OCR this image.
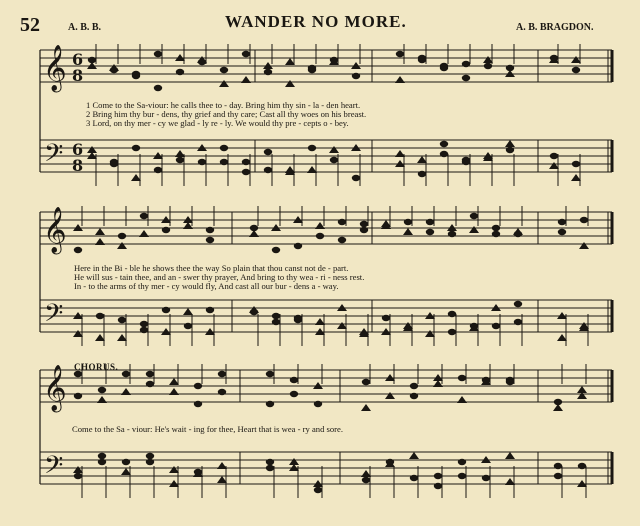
52	A. B. B.	WANDER NO MORE.	A. B. BRAGDON.
𝄞
𝄢
6
8
6
8
𝄞
𝄢
𝄞
𝄢
1 Come to the Sa-viour: he calls thee to - day. Bring him thy sin - la - den heart.
2 Bring him thy bur - dens, thy grief and thy care; Cast all thy woes on his breast.
3 Lord, on thy mer - cy we glad - ly re - ly. We would thy pre - cepts o - bey.
Here in the Bi - ble he shows thee the way So plain that thou canst not de - part.
He will sus - tain thee, and an - swer thy prayer, And bring to thy wea - ri - ness rest.
In - to the arms of thy mer - cy would fly, And cast all our bur - dens a - way.
CHORUS.
Come to the Sa - viour: He's wait - ing for thee, Heart that is wea - ry and sore.
